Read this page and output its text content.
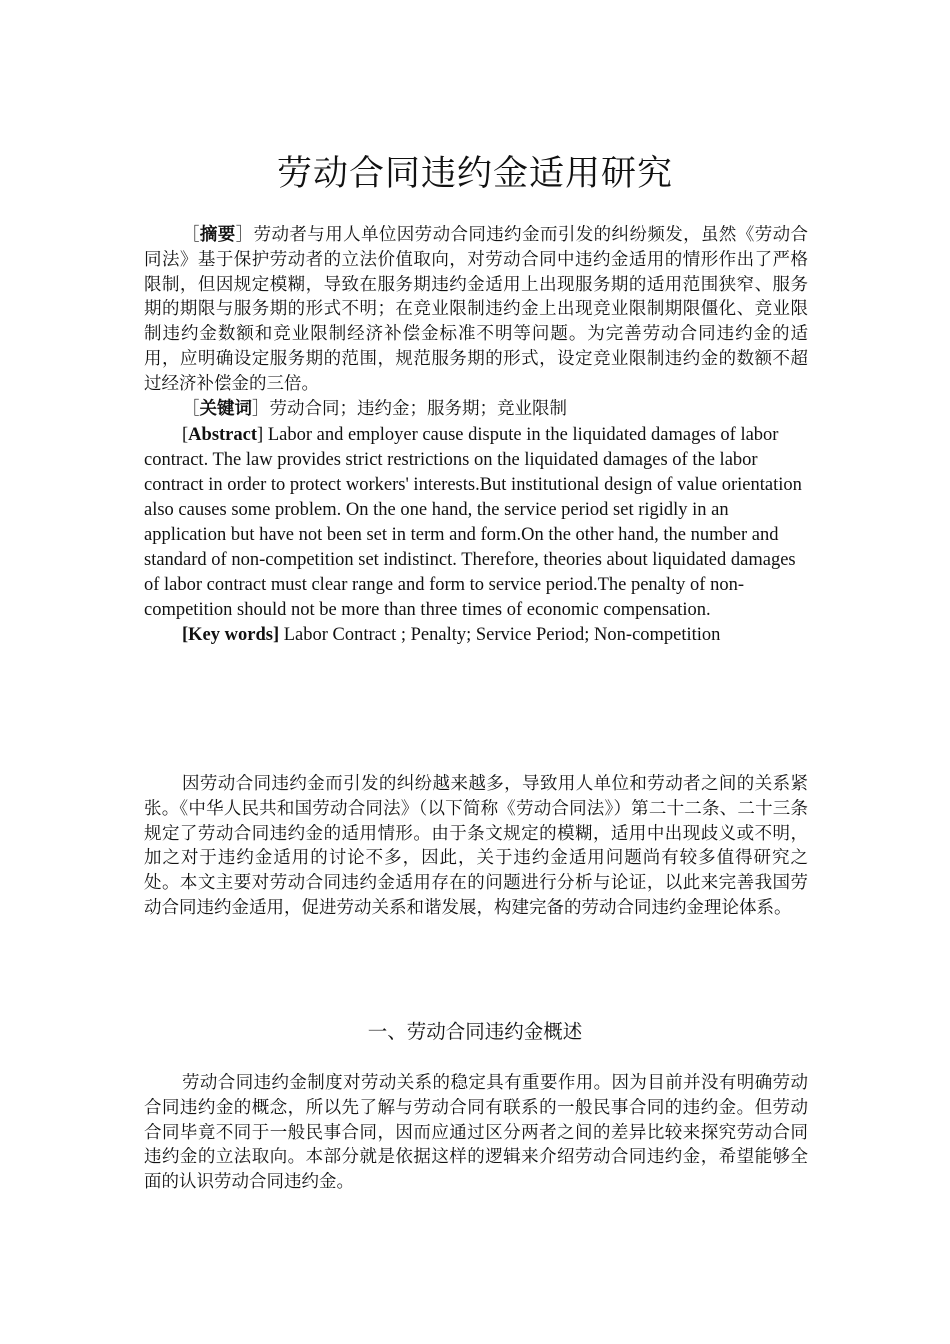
劳动合同违约金适用研究

［摘要］劳动者与用人单位因劳动合同违约金而引发的纠纷频发，虽然《劳动合同法》基于保护劳动者的立法价值取向，对劳动合同中违约金适用的情形作出了严格限制，但因规定模糊，导致在服务期违约金适用上出现服务期的适用范围狭窄、服务期的期限与服务期的形式不明；在竞业限制违约金上出现竞业限制期限僵化、竞业限制违约金数额和竞业限制经济补偿金标准不明等问题。为完善劳动合同违约金的适用，应明确设定服务期的范围，规范服务期的形式，设定竞业限制违约金的数额不超过经济补偿金的三倍。

［关键词］劳动合同；违约金；服务期；竞业限制

[Abstract] Labor and employer cause dispute in the liquidated damages of labor contract. The law provides strict restrictions on the liquidated damages of the labor contract in order to protect workers' interests.But institutional design of value orientation also causes some problem. On the one hand, the service period set rigidly in an application but have not been set in term and form.On the other hand, the number and standard of non-competition set indistinct. Therefore, theories about liquidated damages of labor contract must clear range and form to service period.The penalty of non-competition should not be more than three times of economic compensation.

[Key words] Labor Contract ; Penalty; Service Period; Non-competition

因劳动合同违约金而引发的纠纷越来越多，导致用人单位和劳动者之间的关系紧张。《中华人民共和国劳动合同法》（以下简称《劳动合同法》）第二十二条、二十三条规定了劳动合同违约金的适用情形。由于条文规定的模糊，适用中出现歧义或不明，加之对于违约金适用的讨论不多，因此，关于违约金适用问题尚有较多值得研究之处。本文主要对劳动合同违约金适用存在的问题进行分析与论证，以此来完善我国劳动合同违约金适用，促进劳动关系和谐发展，构建完备的劳动合同违约金理论体系。

一、劳动合同违约金概述

劳动合同违约金制度对劳动关系的稳定具有重要作用。因为目前并没有明确劳动合同违约金的概念，所以先了解与劳动合同有联系的一般民事合同的违约金。但劳动合同毕竟不同于一般民事合同，因而应通过区分两者之间的差异比较来探究劳动合同违约金的立法取向。本部分就是依据这样的逻辑来介绍劳动合同违约金，希望能够全面的认识劳动合同违约金。
